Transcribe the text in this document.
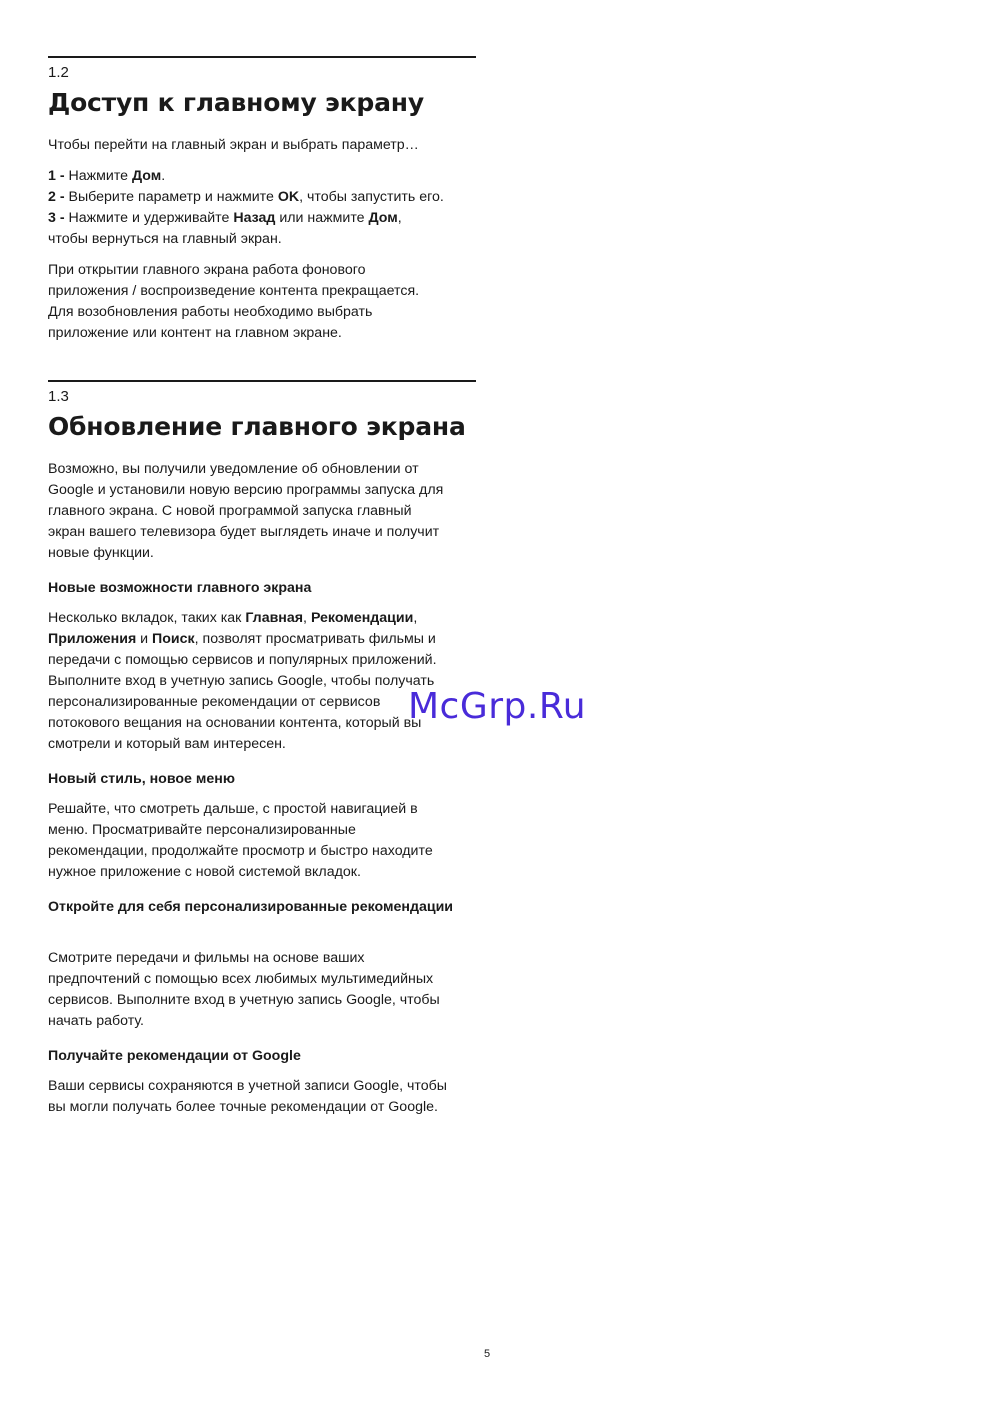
1.2
Доступ к главному экрану

Чтобы перейти на главный экран и выбрать параметр…

1 - Нажмите Дом.

2 - Выберите параметр и нажмите OK, чтобы запустить его.

3 - Нажмите и удерживайте Назад или нажмите Дом,

чтобы вернуться на главный экран.

При открытии главного экрана работа фонового

приложения / воспроизведение контента прекращается.

Для возобновления работы необходимо выбрать

приложение или контент на главном экране.

1.3
Обновление главного экрана

Возможно, вы получили уведомление об обновлении от

Google и установили новую версию программы запуска для

главного экрана. С новой программой запуска главный

экран вашего телевизора будет выглядеть иначе и получит

новые функции.

Новые возможности главного экрана

Несколько вкладок, таких как Главная, Рекомендации,

Приложения и Поиск, позволят просматривать фильмы и

передачи с помощью сервисов и популярных приложений.

Выполните вход в учетную запись Google, чтобы получать

персонализированные рекомендации от сервисов

потокового вещания на основании контента, который вы

смотрели и который вам интересен.

Новый стиль, новое меню

Решайте, что смотреть дальше, с простой навигацией в

меню. Просматривайте персонализированные

рекомендации, продолжайте просмотр и быстро находите

нужное приложение с новой системой вкладок.

Откройте для себя персонализированные рекомендации

Смотрите передачи и фильмы на основе ваших

предпочтений с помощью всех любимых мультимедийных

сервисов. Выполните вход в учетную запись Google, чтобы

начать работу.

Получайте рекомендации от Google

Ваши сервисы сохраняются в учетной записи Google, чтобы

вы могли получать более точные рекомендации от Google.

McGrp.Ru
5
